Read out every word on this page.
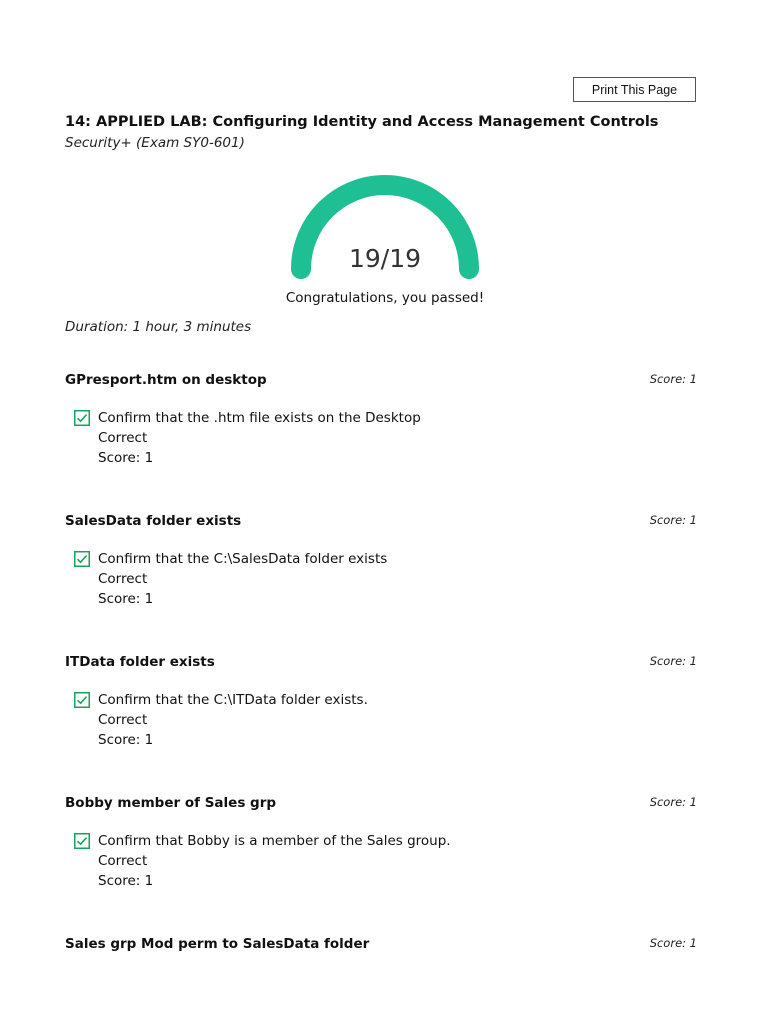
Print This Page
14: APPLIED LAB: Configuring Identity and Access Management Controls
Security+ (Exam SY0-601)
19/19
Congratulations, you passed!
Duration: 1 hour, 3 minutes
GPresport.htm on desktop	Score: 1
Confirm that the .htm file exists on the Desktop
Correct
Score: 1
SalesData folder exists	Score: 1
Confirm that the C:\SalesData folder exists
Correct
Score: 1
ITData folder exists	Score: 1
Confirm that the C:\ITData folder exists.
Correct
Score: 1
Bobby member of Sales grp	Score: 1
Confirm that Bobby is a member of the Sales group.
Correct
Score: 1
Sales grp Mod perm to SalesData folder	Score: 1
